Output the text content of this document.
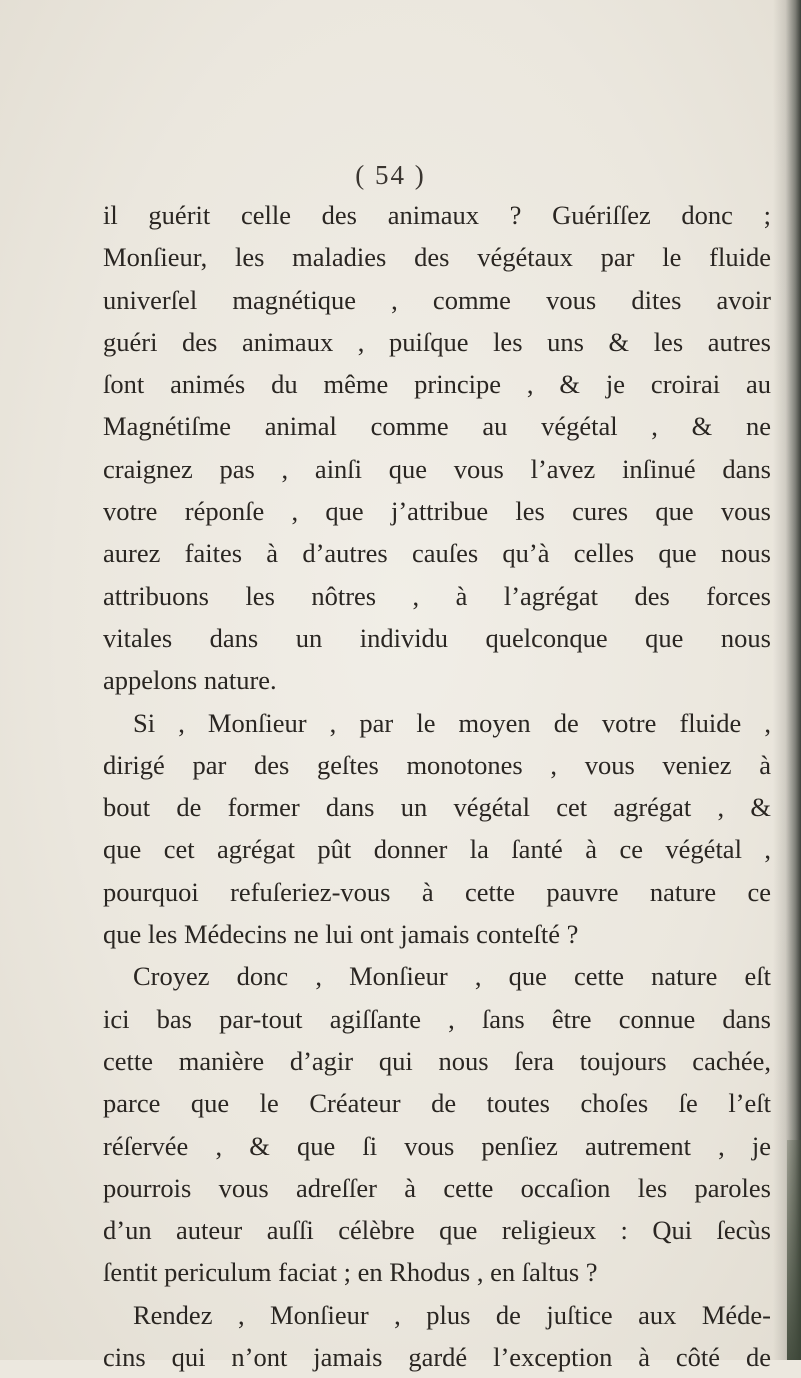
( 54 )
il guérit celle des animaux ? Guériſſez donc ;
Monſieur, les maladies des végétaux par le fluide
univerſel magnétique , comme vous dites avoir
guéri des animaux , puiſque les uns & les autres
ſont animés du même principe , & je croirai au
Magnétiſme animal comme au végétal , & ne
craignez pas , ainſi que vous l’avez inſinué dans
votre réponſe , que j’attribue les cures que vous
aurez faites à d’autres cauſes qu’à celles que nous
attribuons les nôtres , à l’agrégat des forces
vitales dans un individu quelconque que nous
appelons nature.
Si , Monſieur , par le moyen de votre fluide ,
dirigé par des geſtes monotones , vous veniez à
bout de former dans un végétal cet agrégat , &
que cet agrégat pût donner la ſanté à ce végétal ,
pourquoi refuſeriez-vous à cette pauvre nature ce
que les Médecins ne lui ont jamais conteſté ?
Croyez donc , Monſieur , que cette nature eſt
ici bas par-tout agiſſante , ſans être connue dans
cette manière d’agir qui nous ſera toujours cachée,
parce que le Créateur de toutes choſes ſe l’eſt
réſervée , & que ſi vous penſiez autrement , je
pourrois vous adreſſer à cette occaſion les paroles
d’un auteur auſſi célèbre que religieux : Qui ſecùs
ſentit periculum faciat ; en Rhodus , en ſaltus ?
Rendez , Monſieur , plus de juſtice aux Méde-
cins qui n’ont jamais gardé l’exception à côté de
